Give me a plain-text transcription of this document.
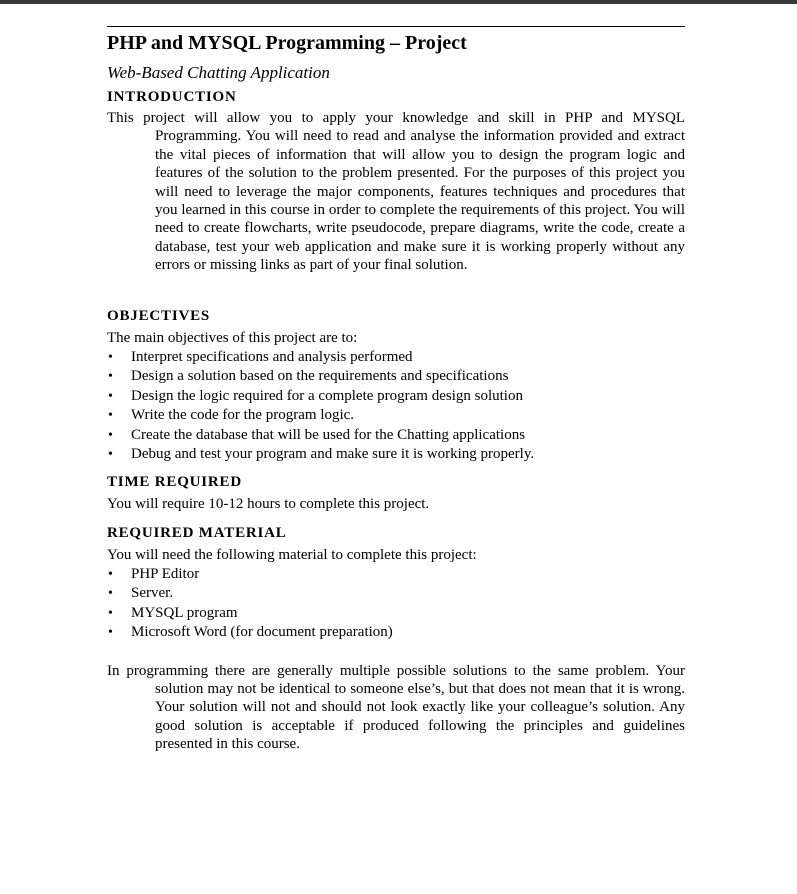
PHP and MYSQL Programming – Project

Web-Based Chatting Application

INTRODUCTION

This project will allow you to apply your knowledge and skill in PHP and MYSQL Programming. You will need to read and analyse the information provided and extract the vital pieces of information that will allow you to design the program logic and features of the solution to the problem presented. For the purposes of this project you will need to leverage the major components, features techniques and procedures that you learned in this course in order to complete the requirements of this project. You will need to create flowcharts, write pseudocode, prepare diagrams, write the code, create a database, test your web application and make sure it is working properly without any errors or missing links as part of your final solution.

OBJECTIVES

The main objectives of this project are to:

• Interpret specifications and analysis performed
• Design a solution based on the requirements and specifications
• Design the logic required for a complete program design solution
• Write the code for the program logic.
• Create the database that will be used for the Chatting applications
• Debug and test your program and make sure it is working properly.
TIME REQUIRED

You will require 10-12 hours to complete this project.

REQUIRED MATERIAL

You will need the following material to complete this project:

• PHP Editor
• Server.
• MYSQL program
• Microsoft Word (for document preparation)

In programming there are generally multiple possible solutions to the same problem. Your solution may not be identical to someone else’s, but that does not mean that it is wrong. Your solution will not and should not look exactly like your colleague’s solution. Any good solution is acceptable if produced following the principles and guidelines presented in this course.
